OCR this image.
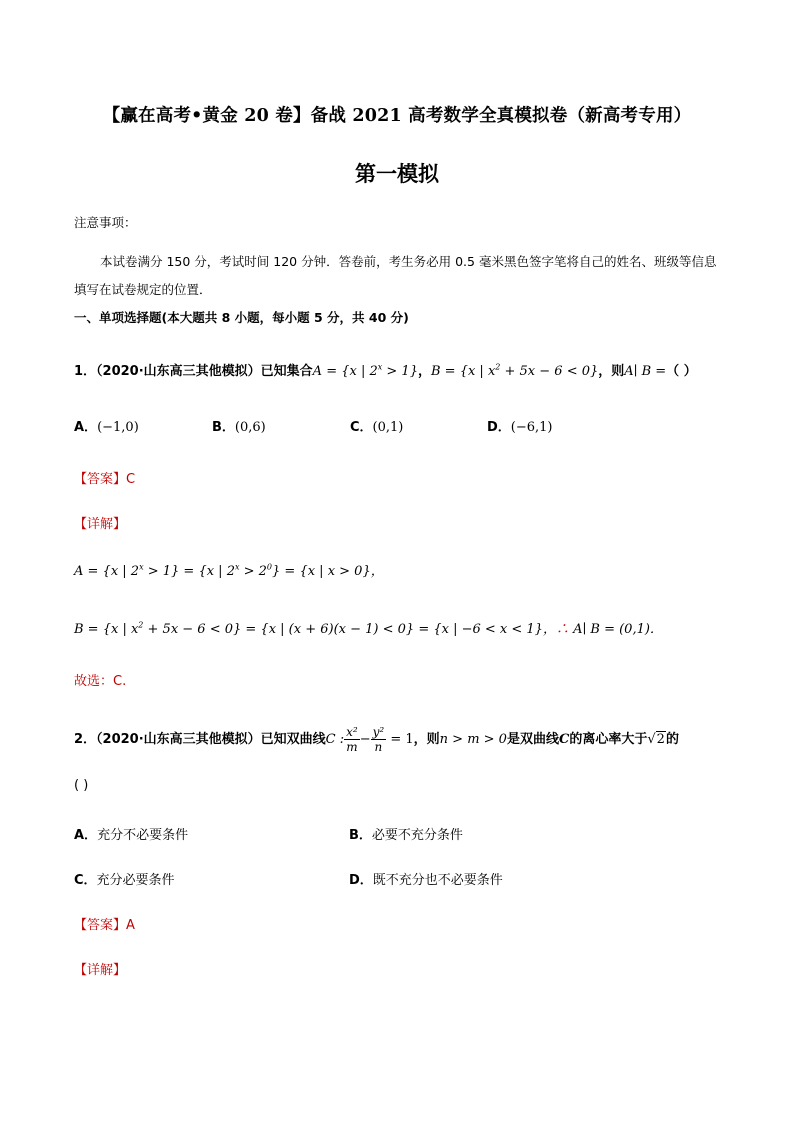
【赢在高考•黄金 20 卷】备战 2021 高考数学全真模拟卷（新高考专用）
第一模拟
注意事项：
本试卷满分 150 分，考试时间 120 分钟．答卷前，考生务必用 0.5 毫米黑色签字笔将自己的姓名、班级等信息填写在试卷规定的位置．
一、单项选择题(本大题共 8 小题，每小题 5 分，共 40 分)
1．（2020·山东高三其他模拟）已知集合A = {x | $2^x > 1$}，B = {x | $x^2 + 5x - 6 < 0$}，则A∣ B =（ ）
A．(−1,0)	B．(0,6)	C．(0,1)	D．(−6,1)
【答案】C
【详解】
A = {x | $2^x > 1\} = \{x$ | $2^x > 2^0\} = \{x$ | x > 0}，
B = {x | $x^2 + 5x - 6 < 0\} = \{x$ | (x + 6)(x − 1) < 0} = {x | −6 < x < 1}，∴ A∣ B = (0,1)．
故选：C.
2．（2020·山东高三其他模拟）已知双曲线C : $\frac{\text{x²}}{m} - \frac{\text{y²}}{n} = 1$，则n > m > 0是双曲线C的离心率大于√2的
( )
A．充分不必要条件	B．必要不充分条件
C．充分必要条件	D．既不充分也不必要条件
【答案】A
【详解】
